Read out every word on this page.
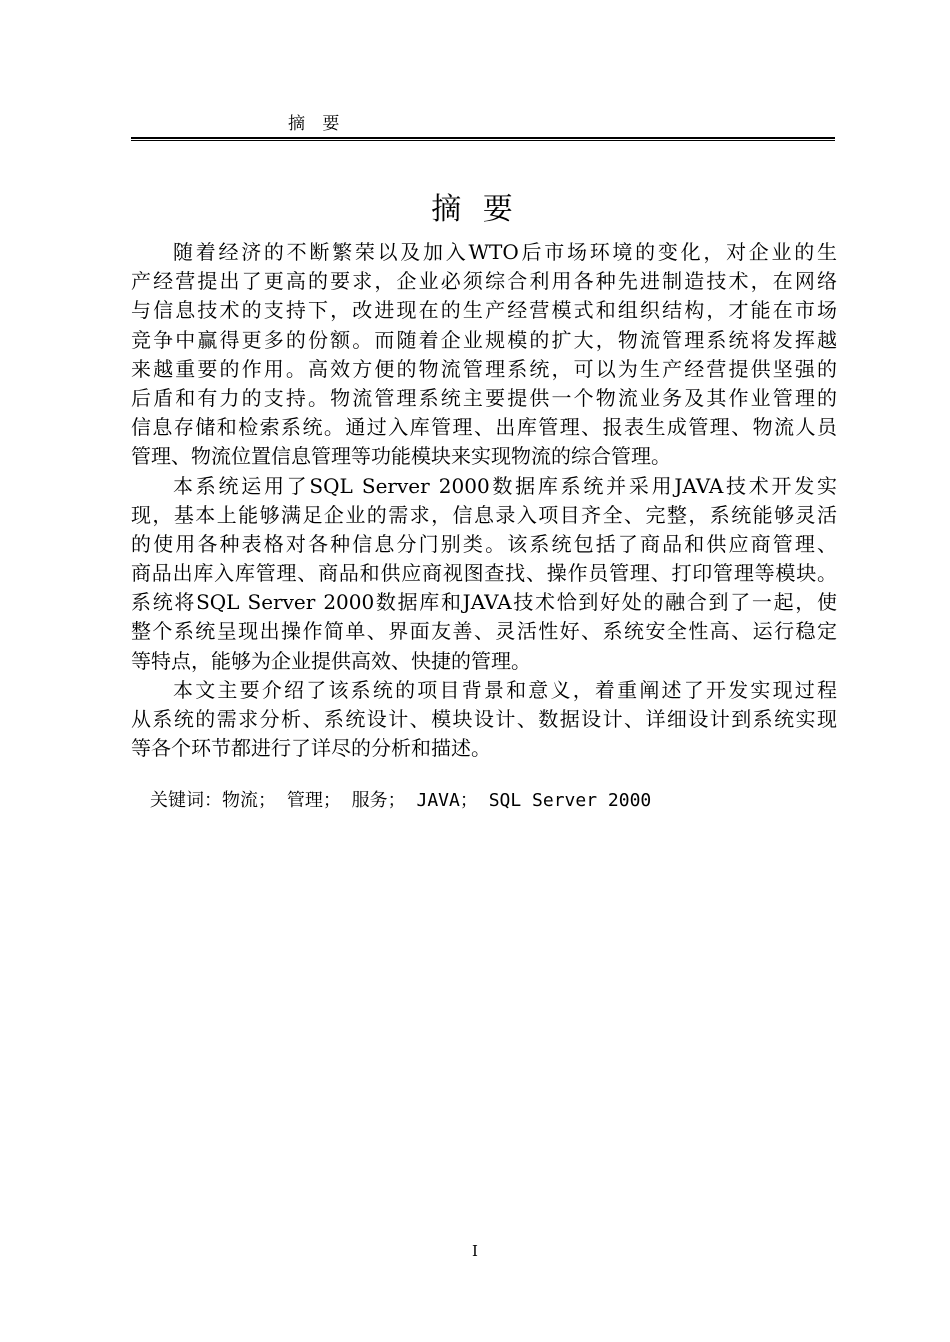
摘 要
摘 要

随着经济的不断繁荣以及加入WTO后市场环境的变化，对企业的生
产经营提出了更高的要求，企业必须综合利用各种先进制造技术，在网络
与信息技术的支持下，改进现在的生产经营模式和组织结构，才能在市场
竞争中赢得更多的份额。而随着企业规模的扩大，物流管理系统将发挥越
来越重要的作用。高效方便的物流管理系统，可以为生产经营提供坚强的
后盾和有力的支持。物流管理系统主要提供一个物流业务及其作业管理的
信息存储和检索系统。通过入库管理、出库管理、报表生成管理、物流人员
管理、物流位置信息管理等功能模块来实现物流的综合管理。

本系统运用了SQL Server 2000数据库系统并采用JAVA技术开发实
现，基本上能够满足企业的需求，信息录入项目齐全、完整，系统能够灵活
的使用各种表格对各种信息分门别类。该系统包括了商品和供应商管理、
商品出库入库管理、商品和供应商视图查找、操作员管理、打印管理等模块。
系统将SQL Server 2000数据库和JAVA技术恰到好处的融合到了一起，使
整个系统呈现出操作简单、界面友善、灵活性好、系统安全性高、运行稳定
等特点，能够为企业提供高效、快捷的管理。

本文主要介绍了该系统的项目背景和意义，着重阐述了开发实现过程
从系统的需求分析、系统设计、模块设计、数据设计、详细设计到系统实现
等各个环节都进行了详尽的分析和描述。

关键词：物流； 管理； 服务； JAVA； SQL Server 2000
I
